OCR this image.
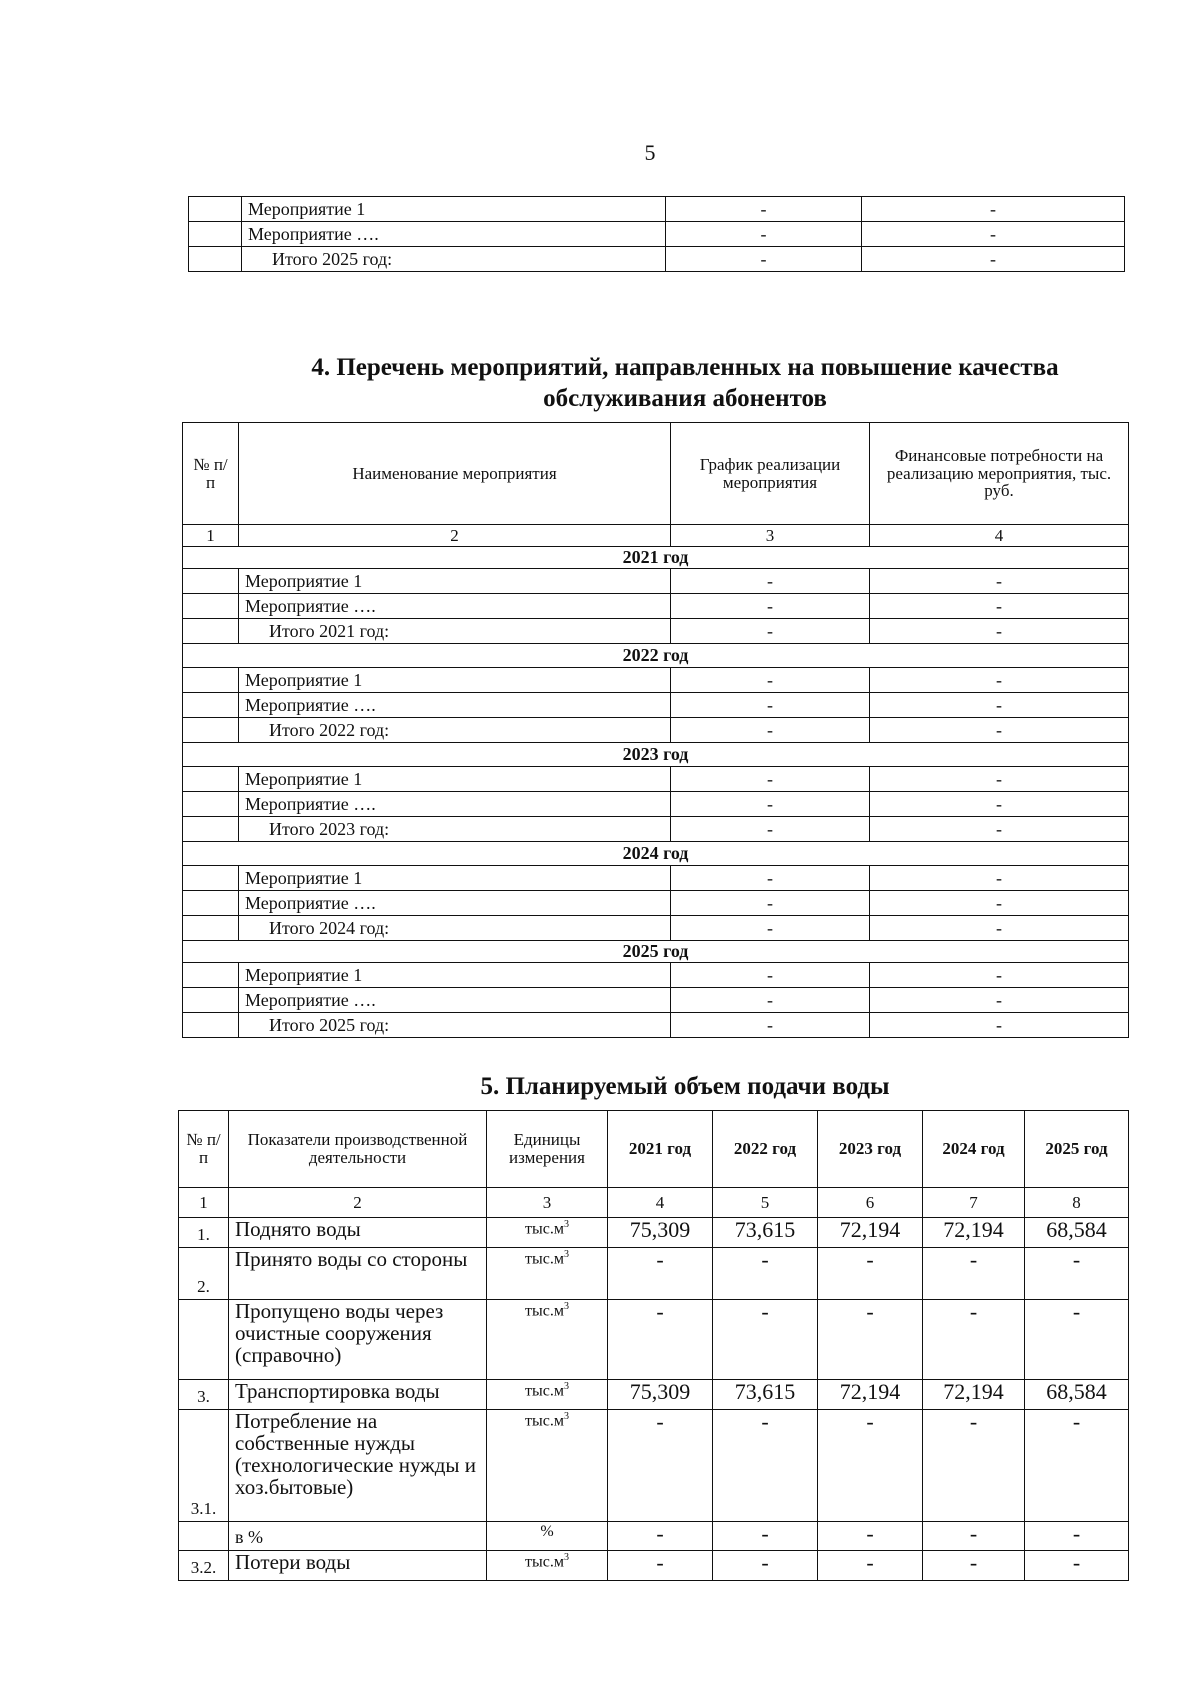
5
	Мероприятие 1	-	-
	Мероприятие ….	-	-
	Итого 2025 год:	-	-
4. Перечень мероприятий, направленных на повышение качества
обслуживания абонентов
№ п/п	Наименование мероприятия	График реализации мероприятия	Финансовые потребности на реализацию мероприятия, тыс. руб.
1	2	3	4
2021 год			
	Мероприятие 1	-	-
	Мероприятие ….	-	-
	Итого 2021 год:	-	-
2022 год			
	Мероприятие 1	-	-
	Мероприятие ….	-	-
	Итого 2022 год:	-	-
2023 год			
	Мероприятие 1	-	-
	Мероприятие ….	-	-
	Итого 2023 год:	-	-
2024 год			
	Мероприятие 1	-	-
	Мероприятие ….	-	-
	Итого 2024 год:	-	-
2025 год			
	Мероприятие 1	-	-
	Мероприятие ….	-	-
	Итого 2025 год:	-	-
5. Планируемый объем подачи воды
№ п/п	Показатели производственной деятельности	Единицы измерения	2021 год	2022 год	2023 год	2024 год	2025 год
1	2	3	4	5	6	7	8
1.	Поднято воды	$тыс.м^3$	75,309	73,615	72,194	72,194	68,584
2.	Принято воды со стороны	$тыс.м^3$	-	-	-	-	-
	Пропущено воды через очистные сооружения (справочно)	$тыс.м^3$	-	-	-	-	-
3.	Транспортировка воды	$тыс.м^3$	75,309	73,615	72,194	72,194	68,584
3.1.	Потребление на собственные нужды (технологические нужды и хоз.бытовые)	$тыс.м^3$	-	-	-	-	-
	в %	%	-	-	-	-	-
3.2.	Потери воды	$тыс.м^3$	-	-	-	-	-
